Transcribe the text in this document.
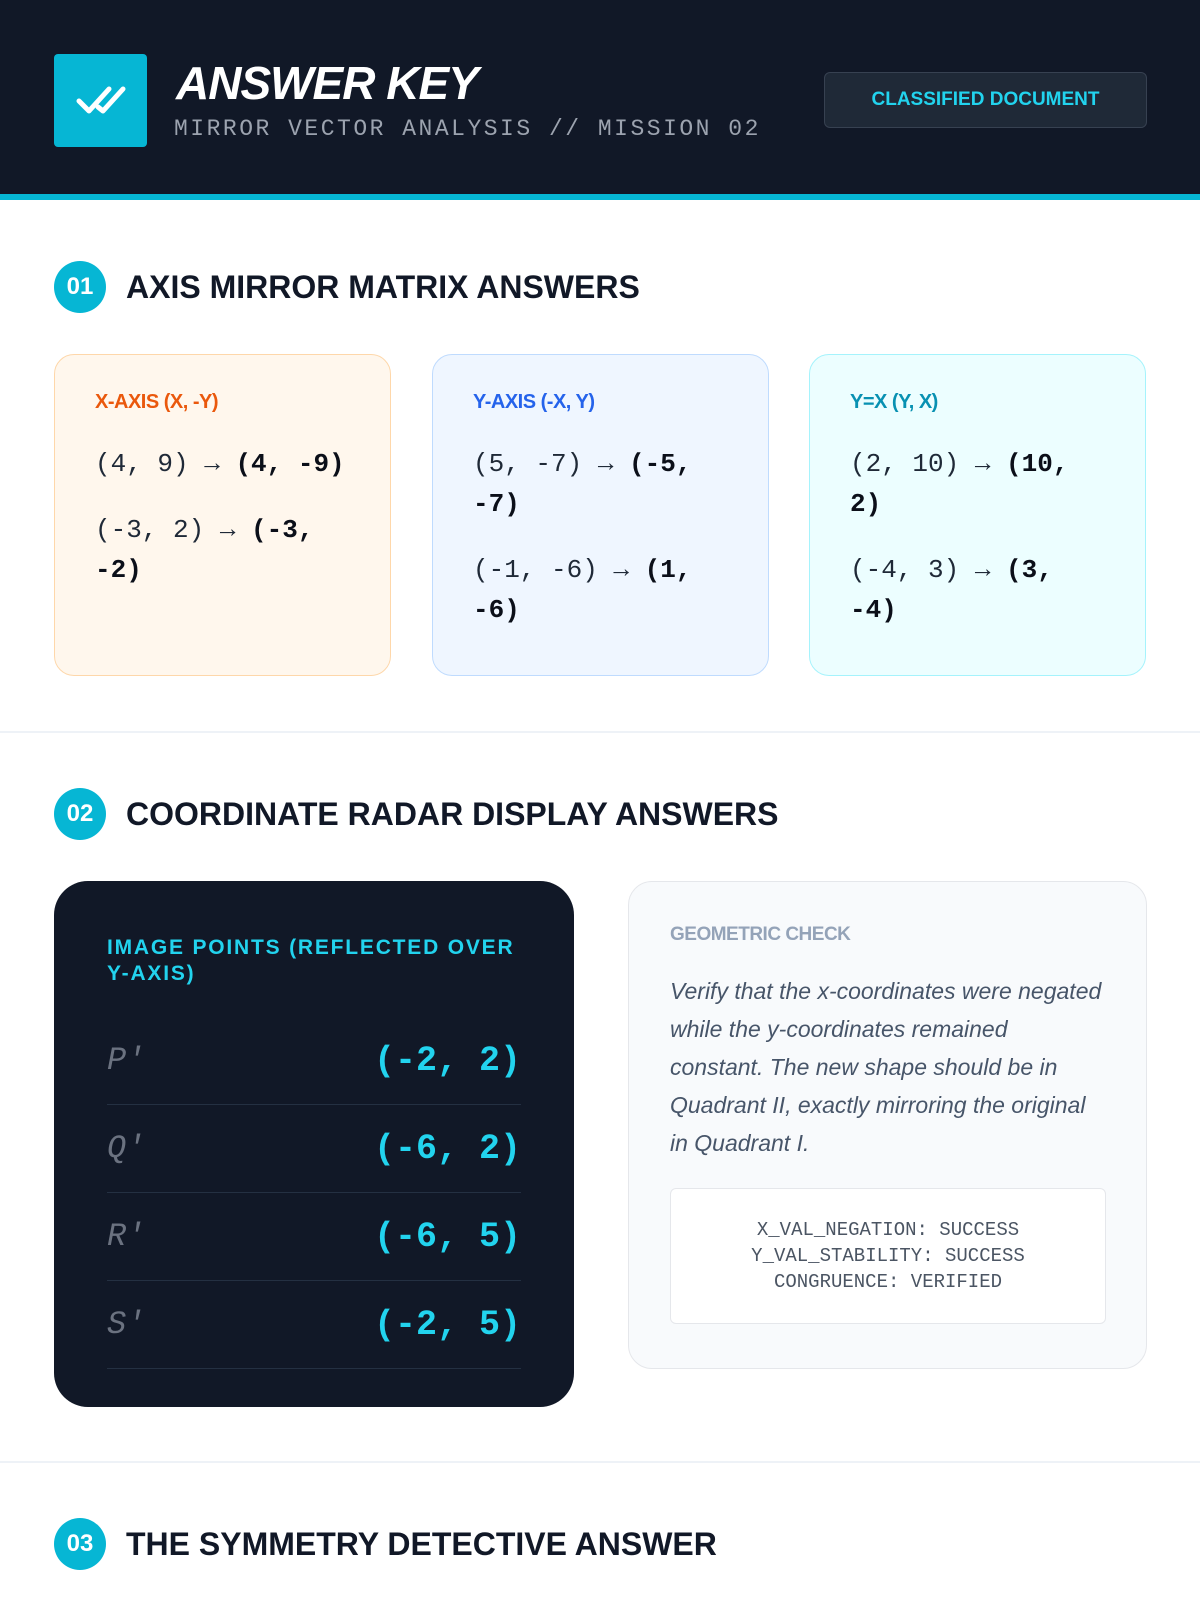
ANSWER KEY
MIRROR VECTOR ANALYSIS // MISSION 02
CLASSIFIED DOCUMENT
01	AXIS MIRROR MATRIX ANSWERS
X-AXIS (X, -Y)
(4, 9) → (4, -9)
(-3, 2) → (-3, -2)
Y-AXIS (-X, Y)
(5, -7) → (-5, -7)
(-1, -6) → (1, -6)
Y=X (Y, X)
(2, 10) → (10, 2)
(-4, 3) → (3, -4)
02	COORDINATE RADAR DISPLAY ANSWERS
IMAGE POINTS (REFLECTED OVER Y-AXIS)
P'	(-2, 2)
Q'	(-6, 2)
R'	(-6, 5)
S'	(-2, 5)
GEOMETRIC CHECK
Verify that the x-coordinates were negated while the y-coordinates remained constant. The new shape should be in Quadrant II, exactly mirroring the original in Quadrant I.
X_VAL_NEGATION: SUCCESS
Y_VAL_STABILITY: SUCCESS
CONGRUENCE: VERIFIED
03	THE SYMMETRY DETECTIVE ANSWER
